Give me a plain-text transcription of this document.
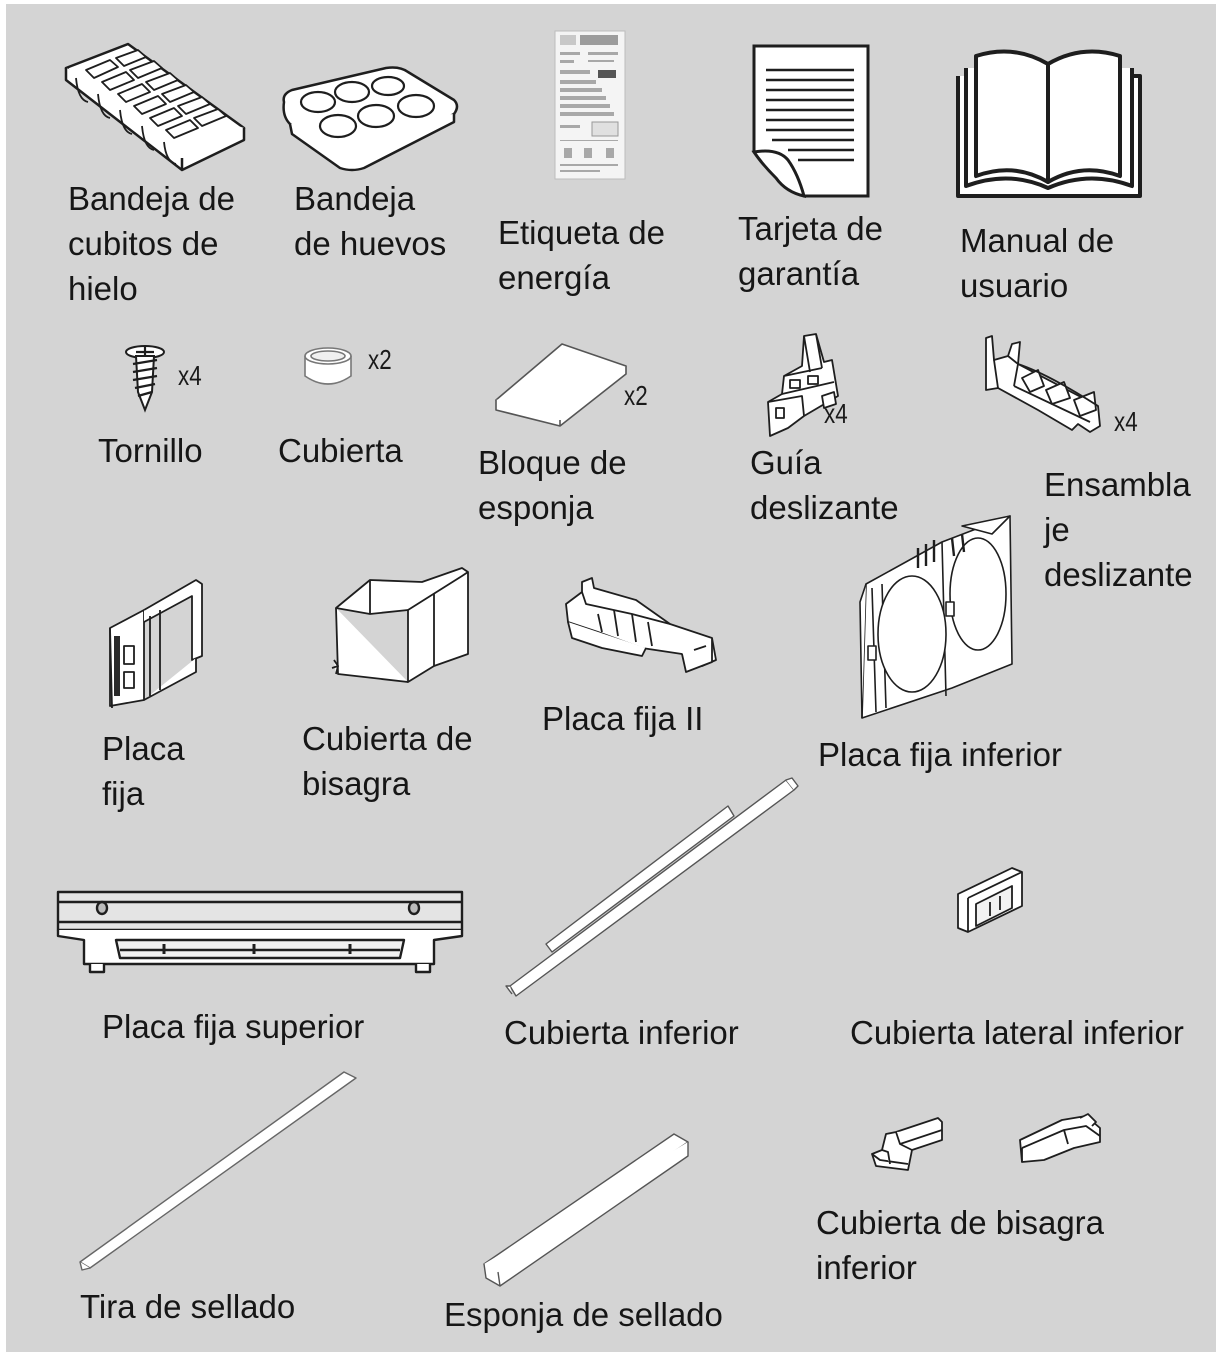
Bandeja de
cubitos de
hielo

Bandeja
de huevos Etiqueta de
energía

Tarjeta de
garantía

Manual de
usuario

x4

Tornillo

x2

Cubierta

x2

Bloque de
esponja

x4

Guía
deslizante

x4

Ensambla
je
deslizante

Placa
fija

Cubierta de
bisagra

Placa fija II

Placa fija inferior

Placa fija superior	Cubierta inferior	Cubierta lateral inferior

Tira de sellado	Esponja de sellado

Cubierta de bisagra
inferior
